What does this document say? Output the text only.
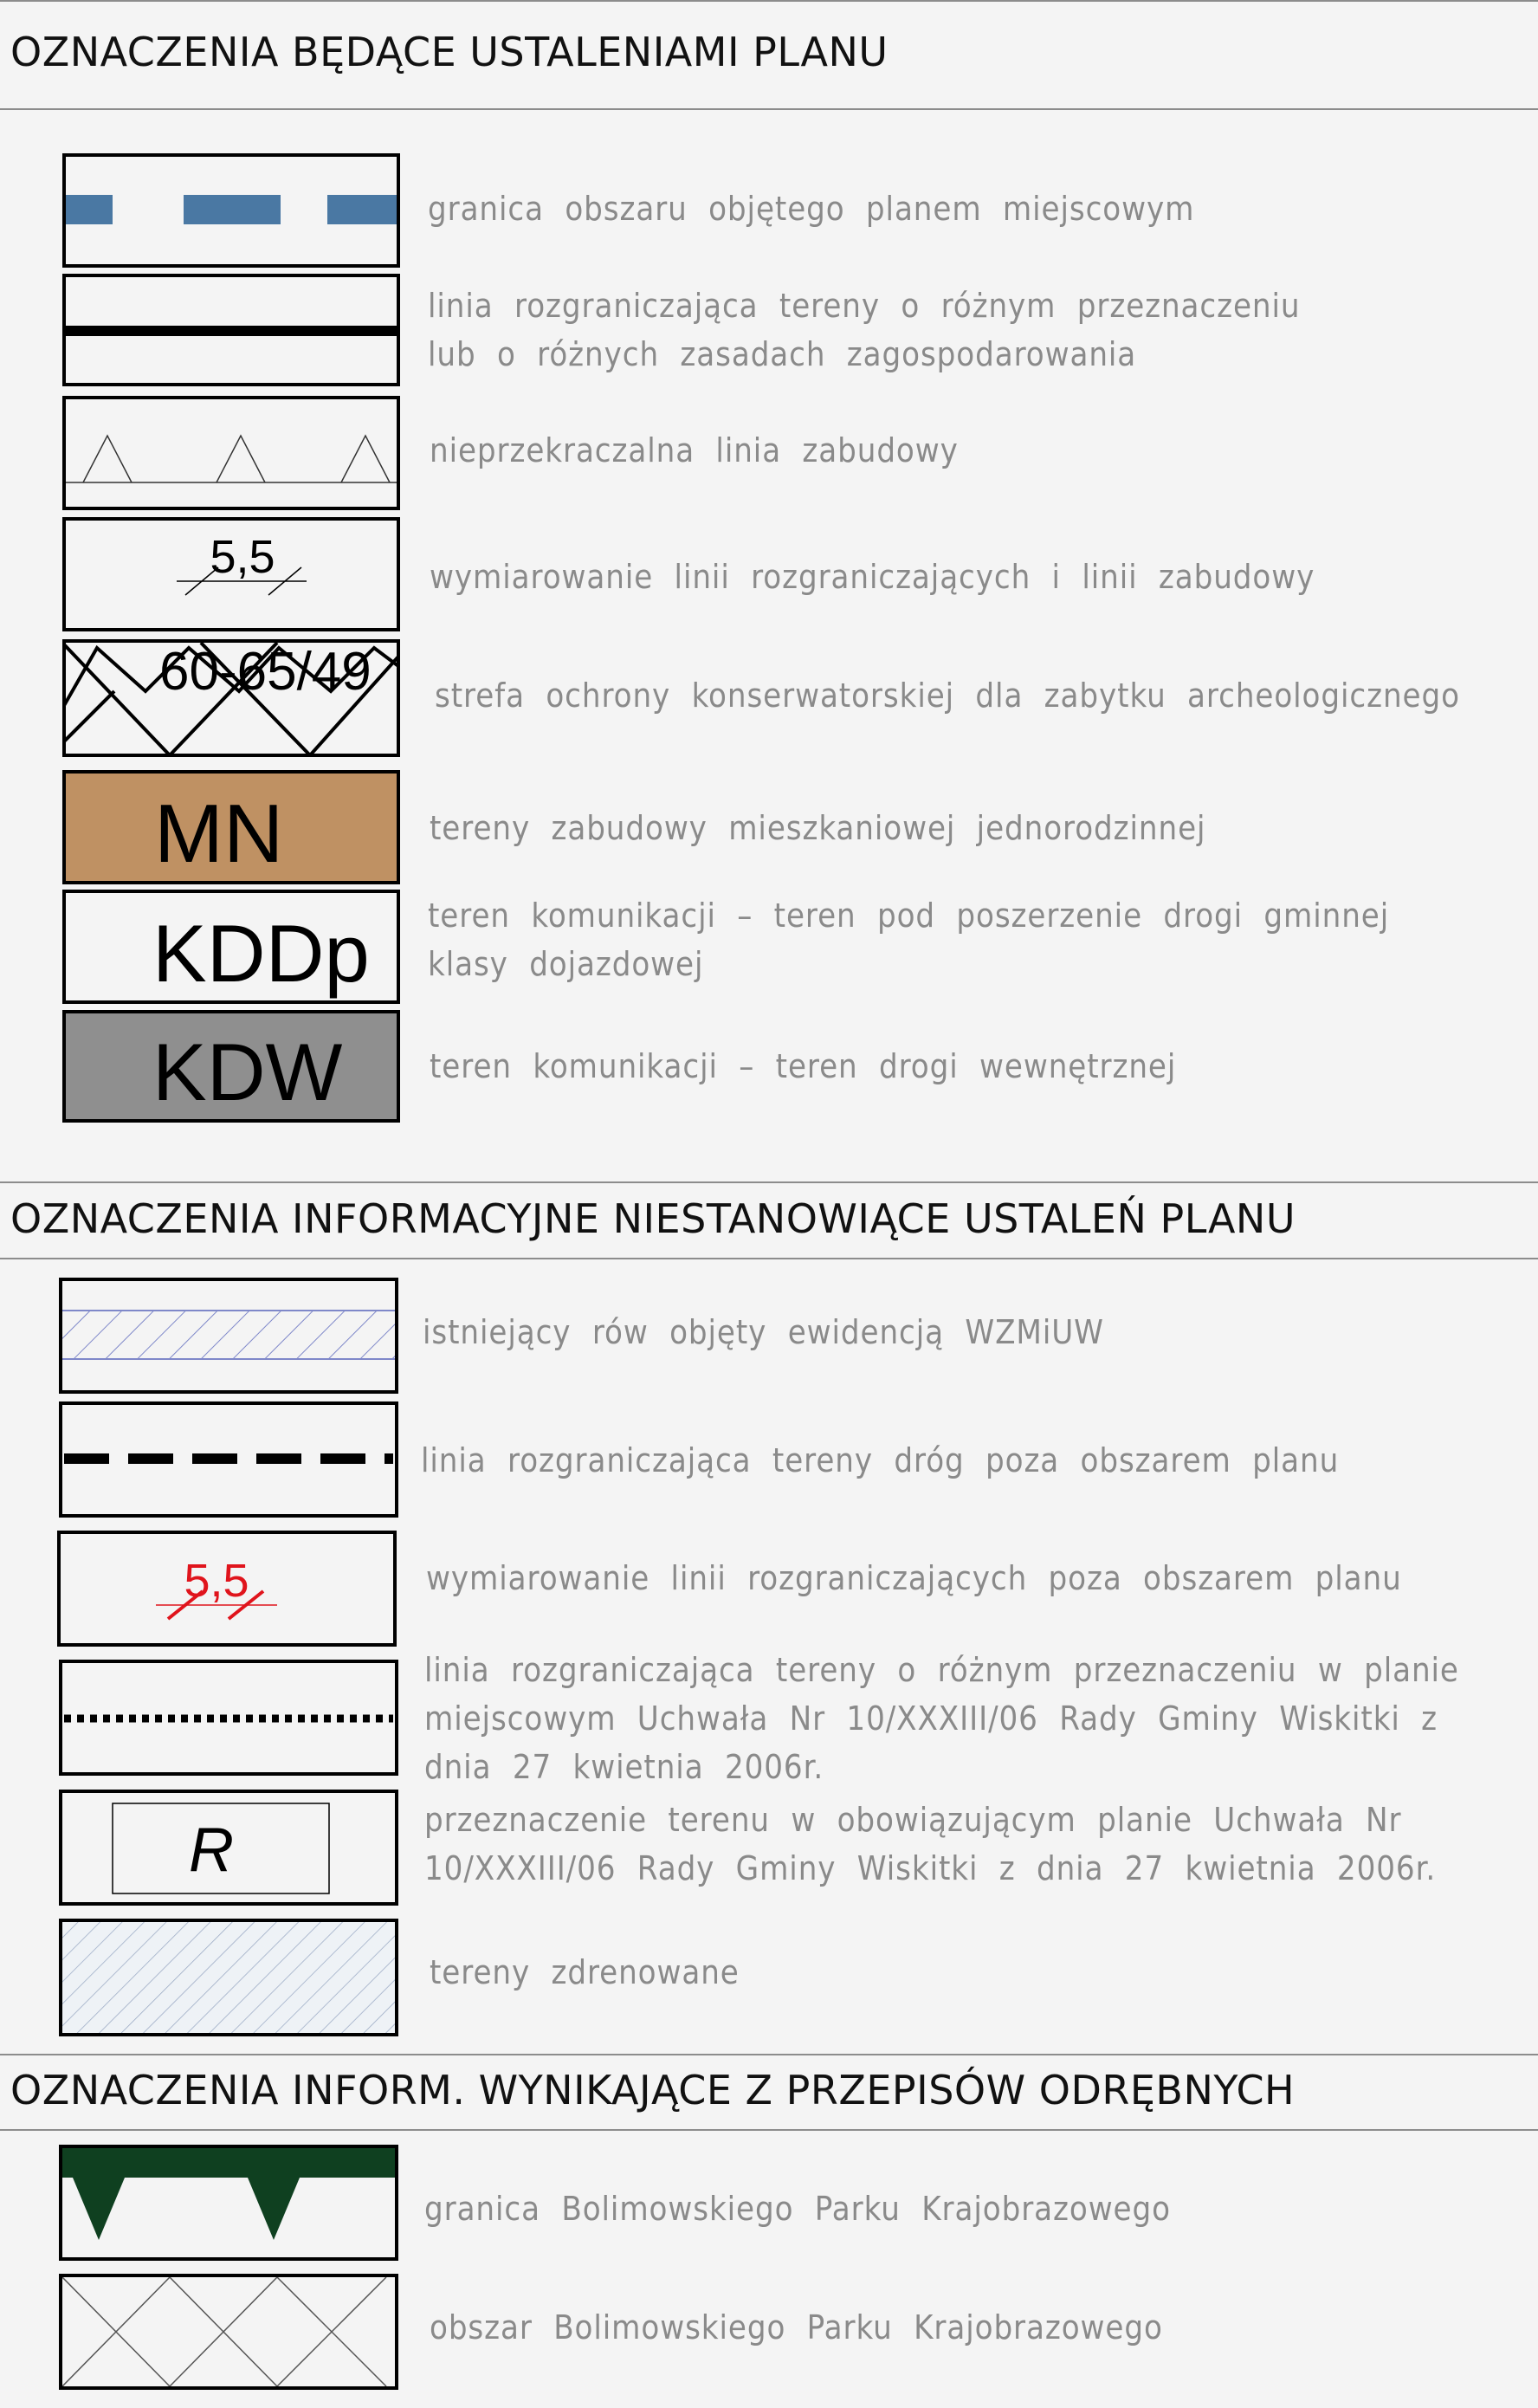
OZNACZENIA BĘDĄCE USTALENIAMI PLANU
OZNACZENIA INFORMACYJNE NIESTANOWIĄCE USTALEŃ PLANU
OZNACZENIA INFORM. WYNIKAJĄCE Z PRZEPISÓW ODRĘBNYCH

granica obszaru objętego planem miejscowym

linia rozgraniczająca tereny o różnym przeznaczeniu
lub o różnych zasadach zagospodarowania

nieprzekraczalna linia zabudowy

5,5	wymiarowanie linii rozgraniczających i linii zabudowy

60-65/49 strefa ochrony konserwatorskiej dla zabytku archeologicznego

MN	tereny zabudowy mieszkaniowej jednorodzinnej

KDDp teren komunikacji – teren pod poszerzenie drogi gminnej
klasy dojazdowej

KDW	teren komunikacji – teren drogi wewnętrznej

istniejący rów objęty ewidencją WZMiUW

linia rozgraniczająca tereny dróg poza obszarem planu

5,5	wymiarowanie linii rozgraniczających poza obszarem planu

linia rozgraniczająca tereny o różnym przeznaczeniu w planie
miejscowym Uchwała Nr 10/XXXIII/06 Rady Gminy Wiskitki z
dnia 27 kwietnia 2006r.

R	przeznaczenie terenu w obowiązującym planie Uchwała Nr
10/XXXIII/06 Rady Gminy Wiskitki z dnia 27 kwietnia 2006r.

tereny zdrenowane

granica Bolimowskiego Parku Krajobrazowego

obszar Bolimowskiego Parku Krajobrazowego
